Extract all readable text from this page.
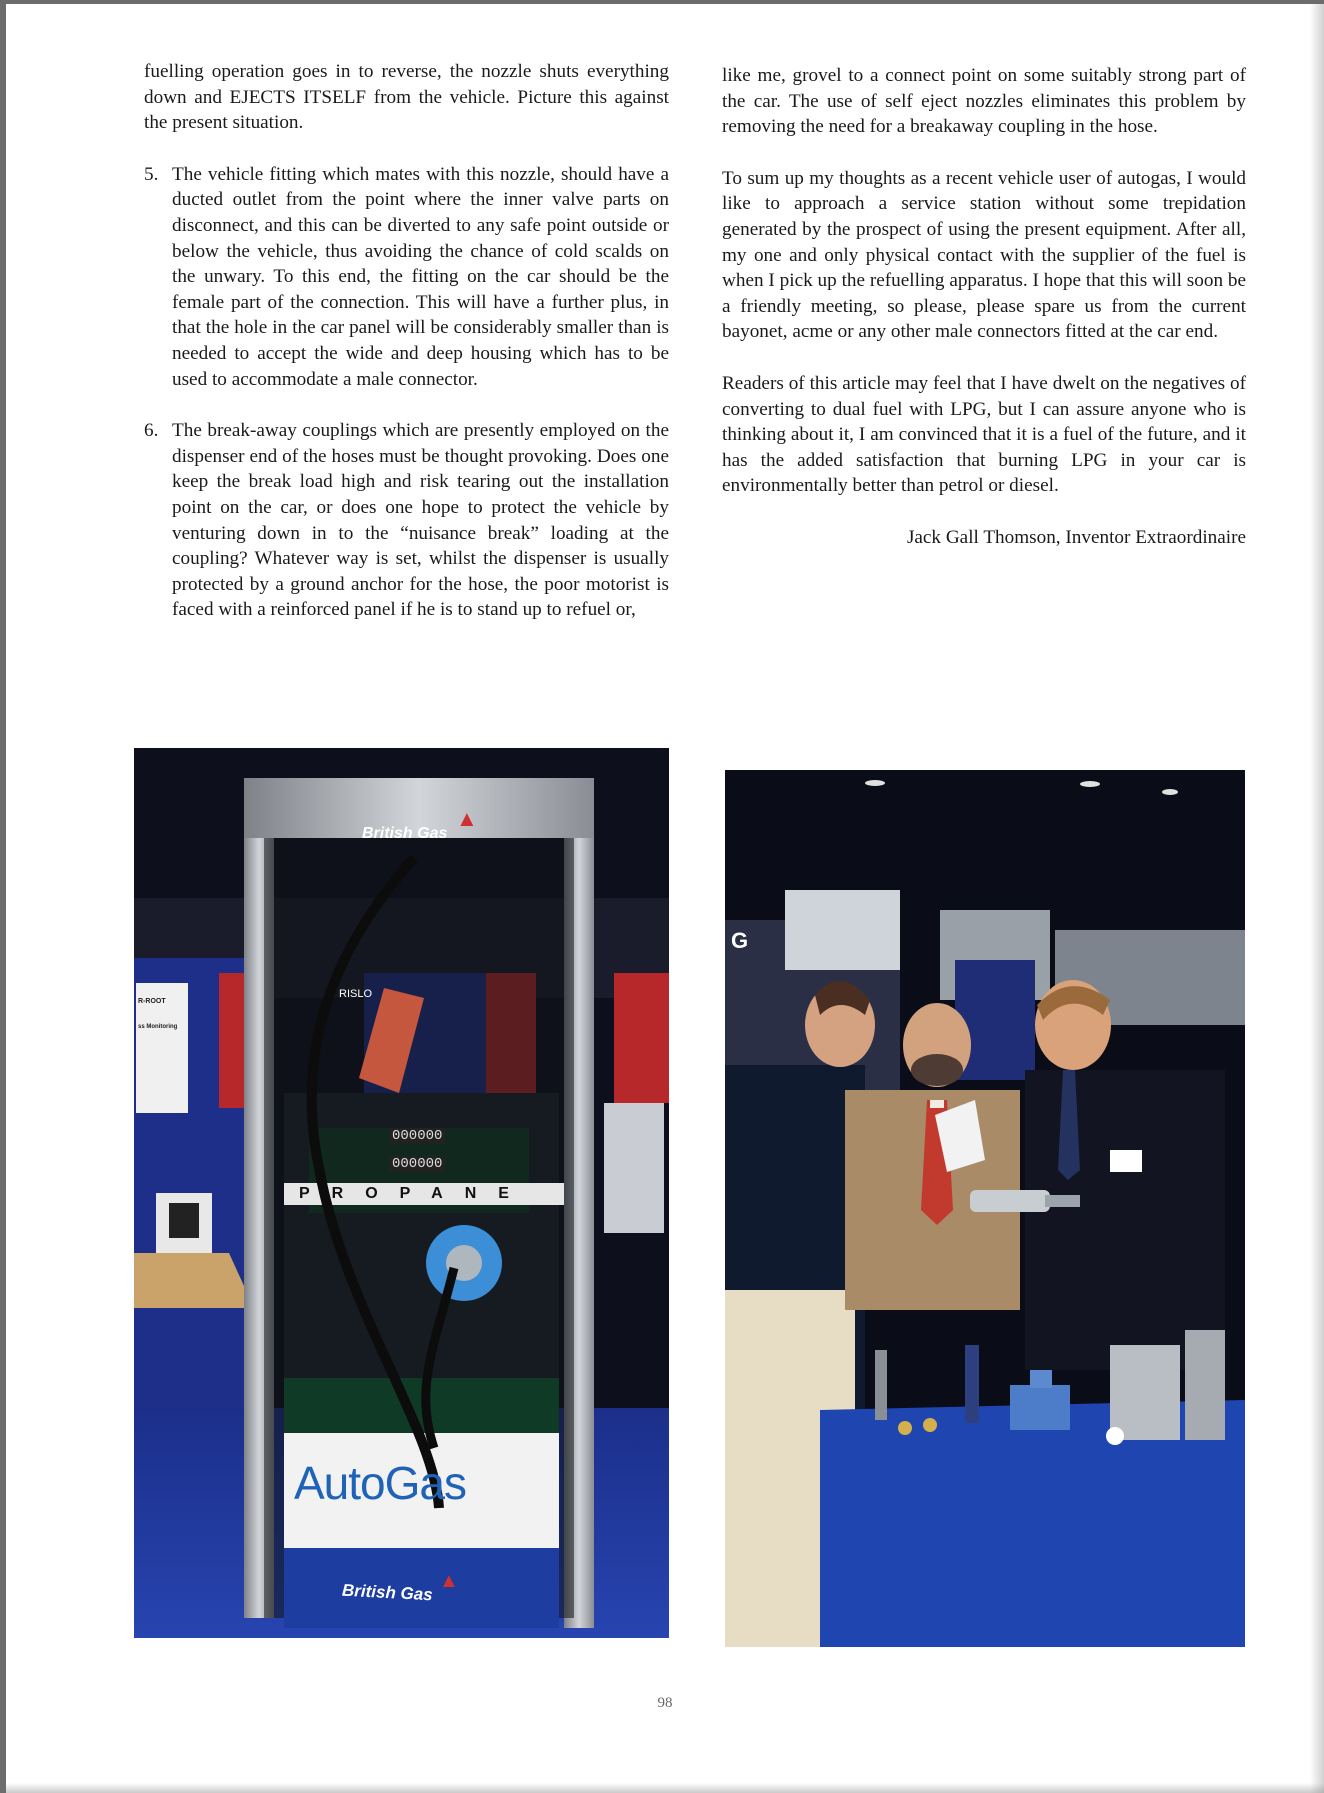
fuelling operation goes in to reverse, the nozzle shuts everything down and EJECTS ITSELF from the vehicle. Picture this against the present situation.

5. The vehicle fitting which mates with this nozzle, should have a ducted outlet from the point where the inner valve parts on disconnect, and this can be diverted to any safe point outside or below the vehicle, thus avoiding the chance of cold scalds on the unwary. To this end, the fitting on the car should be the female part of the connection. This will have a further plus, in that the hole in the car panel will be considerably smaller than is needed to accept the wide and deep housing which has to be used to accommodate a male connector.

6. The break-away couplings which are presently employed on the dispenser end of the hoses must be thought provoking. Does one keep the break load high and risk tearing out the installation point on the car, or does one hope to protect the vehicle by venturing down in to the “nuisance break” loading at the coupling? Whatever way is set, whilst the dispenser is usually protected by a ground anchor for the hose, the poor motorist is faced with a reinforced panel if he is to stand up to refuel or,

like me, grovel to a connect point on some suitably strong part of the car. The use of self eject nozzles eliminates this problem by removing the need for a breakaway coupling in the hose.

To sum up my thoughts as a recent vehicle user of autogas, I would like to approach a service station without some trepidation generated by the prospect of using the present equipment. After all, my one and only physical contact with the supplier of the fuel is when I pick up the refuelling apparatus. I hope that this will soon be a friendly meeting, so please, please spare us from the current bayonet, acme or any other male connectors fitted at the car end.

Readers of this article may feel that I have dwelt on the negatives of converting to dual fuel with LPG, but I can assure anyone who is thinking about it, I am convinced that it is a fuel of the future, and it has the added satisfaction that burning LPG in your car is environmentally better than petrol or diesel.

Jack Gall Thomson, Inventor Extraordinaire

British Gas
▲
RISLO
R-ROOT
ss Monitoring
000000
000000
PROPANE
AutoGas
British Gas ▲
G
98
